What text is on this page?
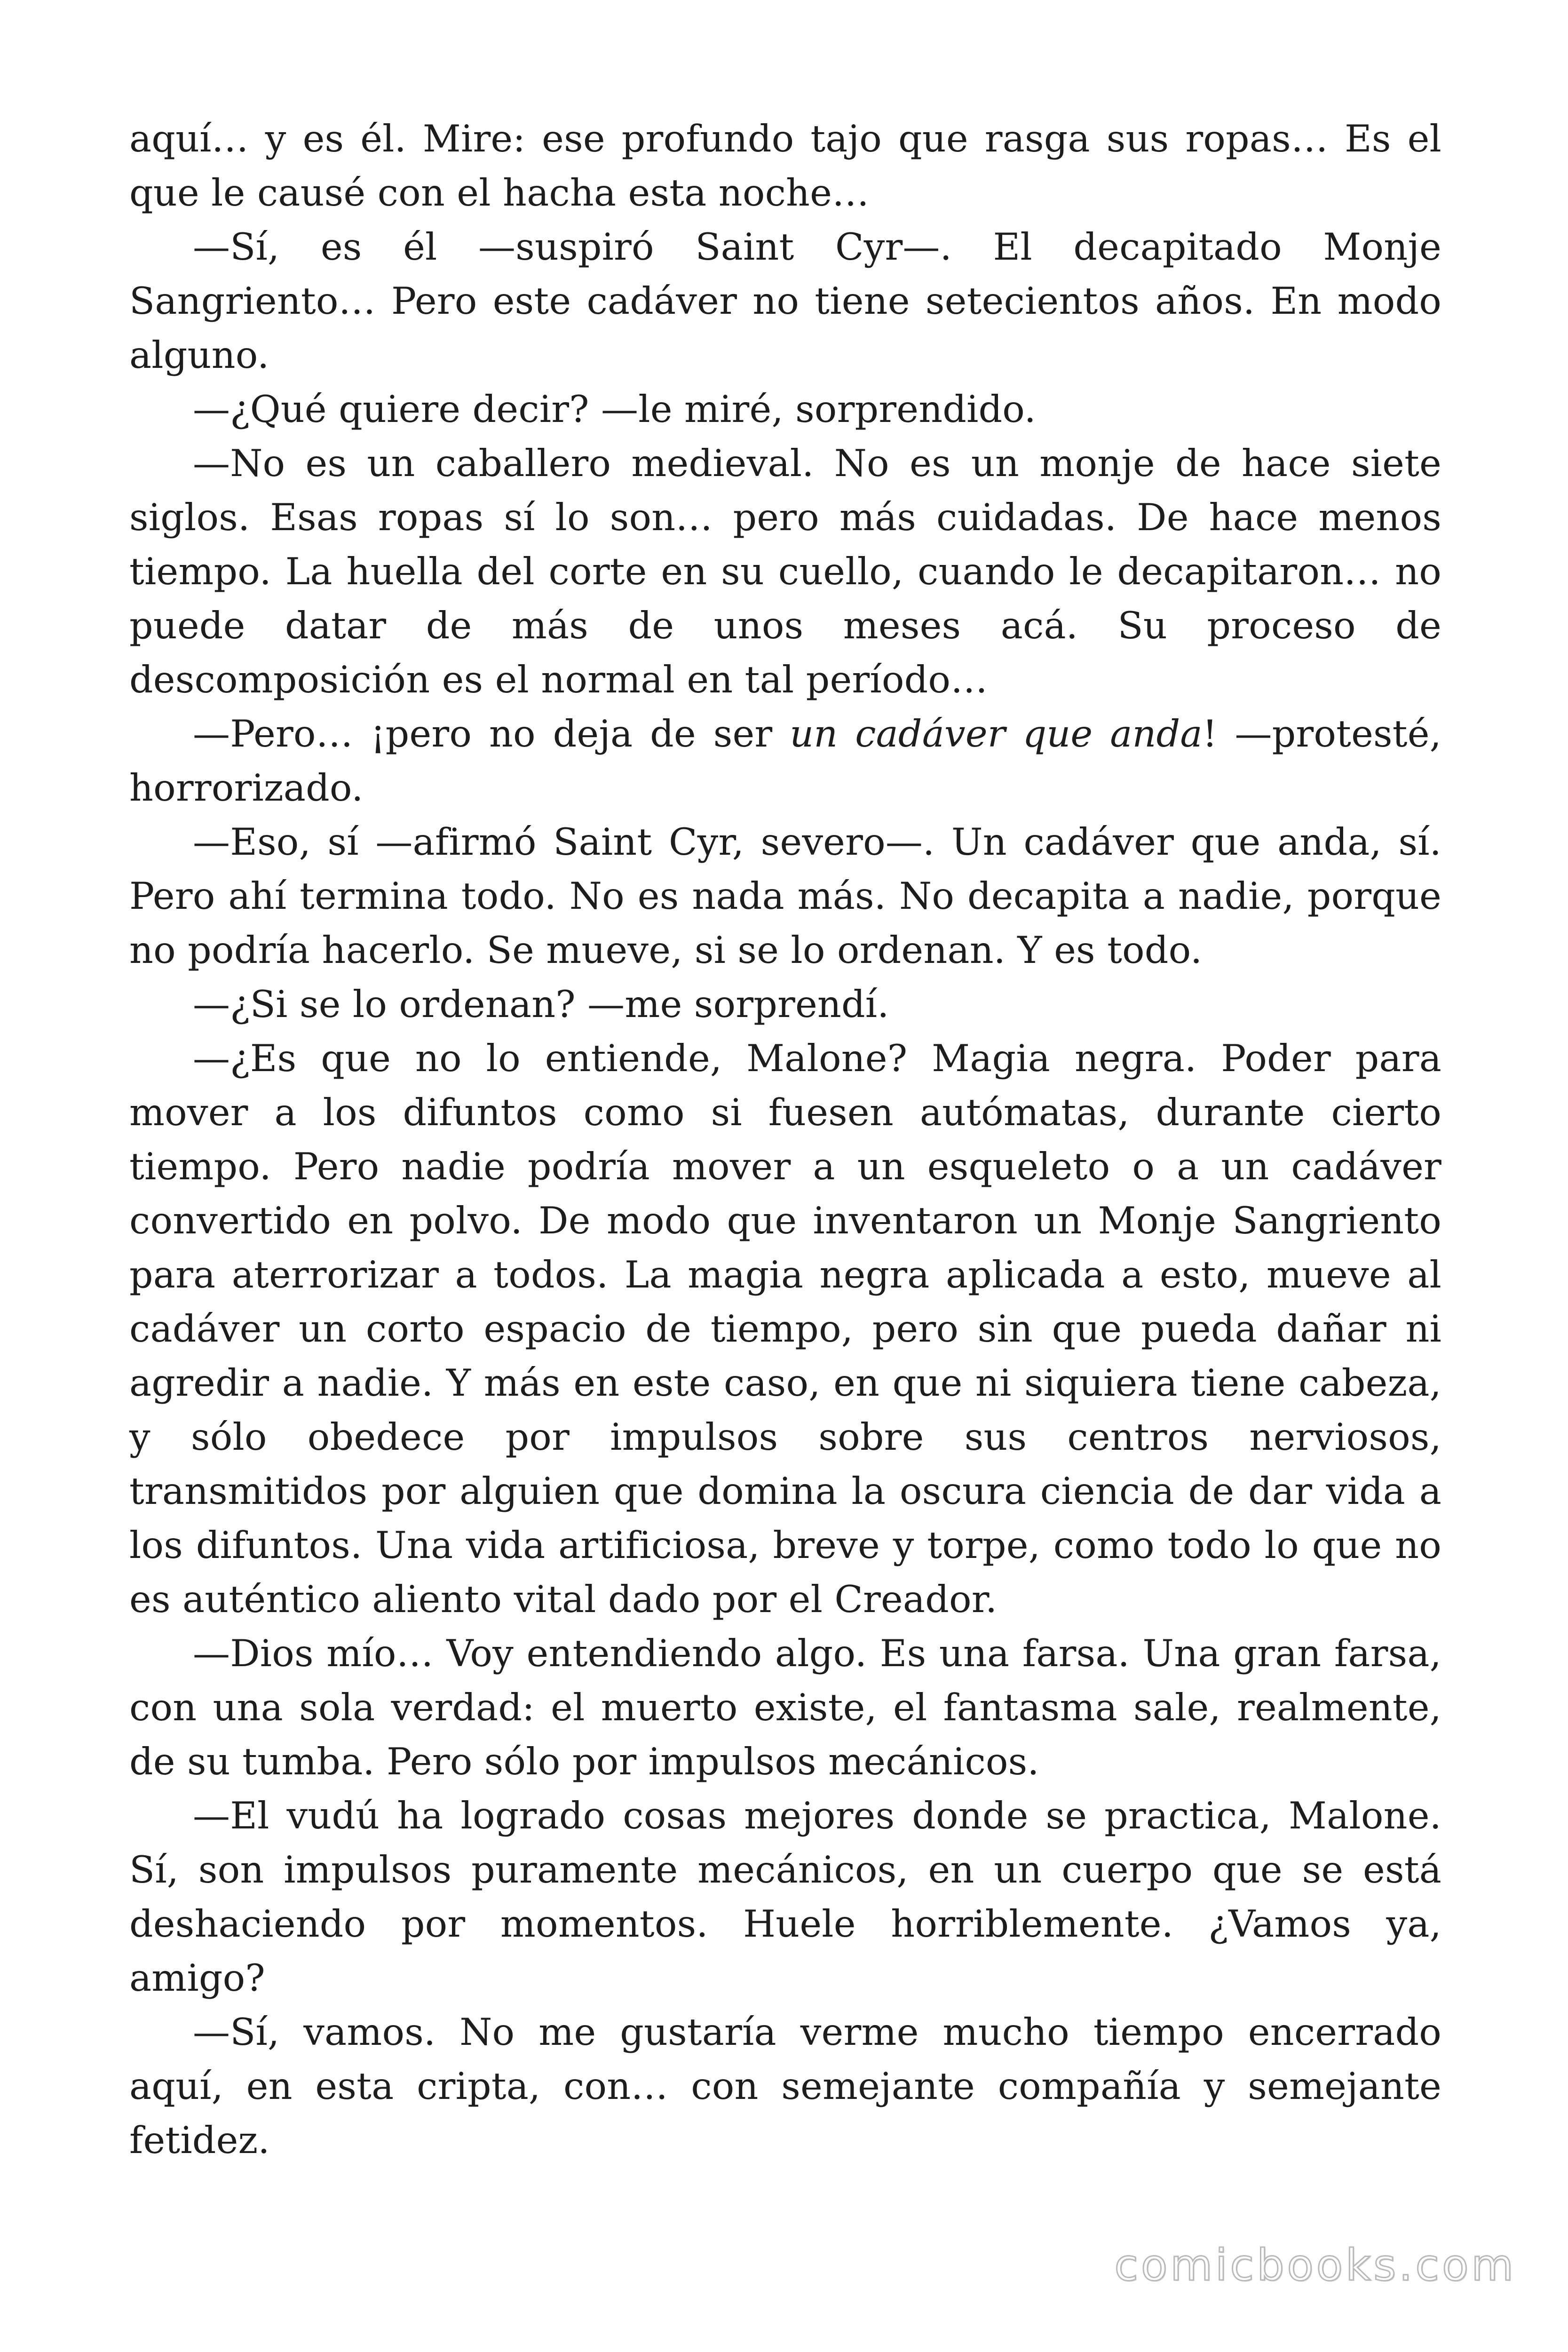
aquí… y es él. Mire: ese profundo tajo que rasga sus ropas… Es el que le causé con el hacha esta noche…

—Sí, es él —suspiró Saint Cyr—. El decapitado Monje Sangriento… Pero este cadáver no tiene setecientos años. En modo alguno.

—¿Qué quiere decir? —le miré, sorprendido.

—No es un caballero medieval. No es un monje de hace siete siglos. Esas ropas sí lo son… pero más cuidadas. De hace menos tiempo. La huella del corte en su cuello, cuando le decapitaron… no puede datar de más de unos meses acá. Su proceso de descomposición es el normal en tal período…

—Pero… ¡pero no deja de ser un cadáver que anda! —protesté, horrorizado.

—Eso, sí —afirmó Saint Cyr, severo—. Un cadáver que anda, sí. Pero ahí termina todo. No es nada más. No decapita a nadie, porque no podría hacerlo. Se mueve, si se lo ordenan. Y es todo.

—¿Si se lo ordenan? —me sorprendí.

—¿Es que no lo entiende, Malone? Magia negra. Poder para mover a los difuntos como si fuesen autómatas, durante cierto tiempo. Pero nadie podría mover a un esqueleto o a un cadáver convertido en polvo. De modo que inventaron un Monje Sangriento para aterrorizar a todos. La magia negra aplicada a esto, mueve al cadáver un corto espacio de tiempo, pero sin que pueda dañar ni agredir a nadie. Y más en este caso, en que ni siquiera tiene cabeza, y sólo obedece por impulsos sobre sus centros nerviosos, transmitidos por alguien que domina la oscura ciencia de dar vida a los difuntos. Una vida artificiosa, breve y torpe, como todo lo que no es auténtico aliento vital dado por el Creador.

—Dios mío… Voy entendiendo algo. Es una farsa. Una gran farsa, con una sola verdad: el muerto existe, el fantasma sale, realmente, de su tumba. Pero sólo por impulsos mecánicos.

—El vudú ha logrado cosas mejores donde se practica, Malone. Sí, son impulsos puramente mecánicos, en un cuerpo que se está deshaciendo por momentos. Huele horriblemente. ¿Vamos ya, amigo?

—Sí, vamos. No me gustaría verme mucho tiempo encerrado aquí, en esta cripta, con… con semejante compañía y semejante fetidez.

comicbooks.com
